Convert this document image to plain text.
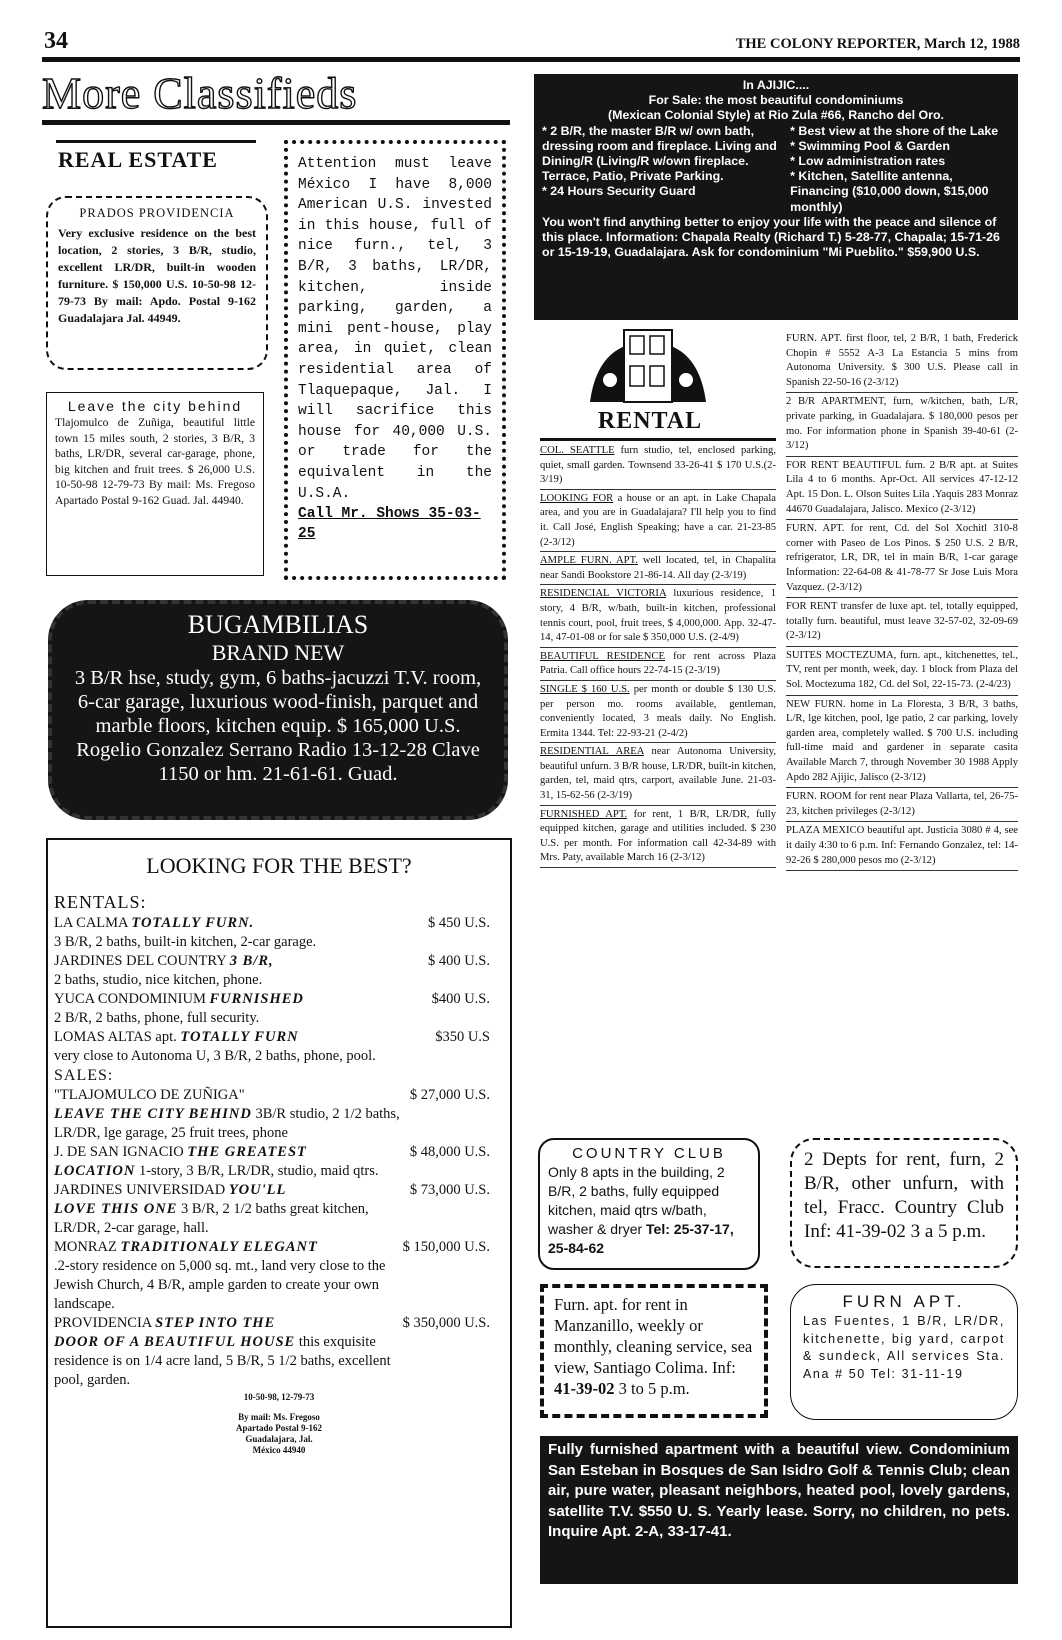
34	THE COLONY REPORTER, March 12, 1988
More Classifieds
REAL ESTATE
PRADOS PROVIDENCIA
Very exclusive residence on the best location, 2 stories, 3 B/R, studio, excellent LR/DR, built-in wooden furniture. $ 150,000 U.S. 10-50-98 12-79-73 By mail: Apdo. Postal 9-162 Guadalajara Jal. 44949.
Leave the city behind
Tlajomulco de Zuñiga, beautiful little town 15 miles south, 2 stories, 3 B/R, 3 baths, LR/DR, several car-garage, phone, big kitchen and fruit trees. $ 26,000 U.S. 10-50-98 12-79-73 By mail: Ms. Fregoso Apartado Postal 9-162 Guad. Jal. 44940.
Attention must leave México I have 8,000 American U.S. invested in this house, full of nice furn., tel, 3 B/R, 3 baths, LR/DR, kitchen, inside parking, garden, a mini pent-house, play area, in quiet, clean residential area of Tlaquepaque, Jal. I will sacrifice this house for 40,000 U.S. or trade for the equivalent in the U.S.A.
Call Mr. Shows 35-03-25
BUGAMBILIAS
BRAND NEW
3 B/R hse, study, gym, 6 baths-jacuzzi T.V. room, 6-car garage, luxurious wood-finish, parquet and marble floors, kitchen equip. $ 165,000 U.S. Rogelio Gonzalez Serrano Radio 13-12-28 Clave 1150 or hm. 21-61-61. Guad.
LOOKING FOR THE BEST?
RENTALS:
LA CALMA TOTALLY FURN.	$ 450 U.S.
3 B/R, 2 baths, built-in kitchen, 2-car garage.
JARDINES DEL COUNTRY 3 B/R,	$ 400 U.S.
2 baths, studio, nice kitchen, phone.
YUCA CONDOMINIUM FURNISHED	$400 U.S.
2 B/R, 2 baths, phone, full security.
LOMAS ALTAS apt. TOTALLY FURN	$350 U.S
very close to Autonoma U, 3 B/R, 2 baths, phone, pool.
SALES:
"TLAJOMULCO DE ZUÑIGA"	$ 27,000 U.S.
LEAVE THE CITY BEHIND 3B/R studio, 2 1/2 baths, LR/DR, lge garage, 25 fruit trees, phone
J. DE SAN IGNACIO THE GREATEST	$ 48,000 U.S.
LOCATION 1-story, 3 B/R, LR/DR, studio, maid qtrs.
JARDINES UNIVERSIDAD YOU'LL	$ 73,000 U.S.
LOVE THIS ONE 3 B/R, 2 1/2 baths great kitchen, LR/DR, 2-car garage, hall.
MONRAZ TRADITIONALY ELEGANT	$ 150,000 U.S.
.2-story residence on 5,000 sq. mt., land very close to the Jewish Church, 4 B/R, ample garden to create your own landscape.
PROVIDENCIA STEP INTO THE	$ 350,000 U.S.
DOOR OF A BEAUTIFUL HOUSE this exquisite residence is on 1/4 acre land, 5 B/R, 5 1/2 baths, excellent pool, garden.
10-50-98, 12-79-73
By mail: Ms. Fregoso
Apartado Postal 9-162
Guadalajara, Jal.
México 44940
In AJIJIC....
For Sale: the most beautiful condominiums
(Mexican Colonial Style) at Rio Zula #66, Rancho del Oro.
* 2 B/R, the master B/R w/ own bath, dressing room and fireplace. Living and Dining/R (Living/R w/own fireplace. Terrace, Patio, Private Parking.
* 24 Hours Security Guard
* Best view at the shore of the Lake
* Swimming Pool & Garden
* Low administration rates
* Kitchen, Satellite antenna, Financing ($10,000 down, $15,000 monthly)
You won't find anything better to enjoy your life with the peace and silence of this place. Information: Chapala Realty (Richard T.) 5-28-77, Chapala; 15-71-26 or 15-19-19, Guadalajara. Ask for condominium "Mi Pueblito." $59,900 U.S.
RENTAL
COL. SEATTLE furn studio, tel, enclosed parking, quiet, small garden. Townsend 33-26-41 $ 170 U.S.(2-3/19)
LOOKING FOR a house or an apt. in Lake Chapala area, and you are in Guadalajara? I'll help you to find it. Call José, English Speaking; have a car. 21-23-85 (2-3/12)
AMPLE FURN. APT. well located, tel, in Chapalita near Sandi Bookstore 21-86-14. All day (2-3/19)
RESIDENCIAL VICTORIA luxurious residence, 1 story, 4 B/R, w/bath, built-in kitchen, professional tennis court, pool, fruit trees, $ 4,000,000. App. 32-47-14, 47-01-08 or for sale $ 350,000 U.S. (2-4/9)
BEAUTIFUL RESIDENCE for rent across Plaza Patria. Call office hours 22-74-15 (2-3/19)
SINGLE $ 160 U.S. per month or double $ 130 U.S. per person mo. rooms available, gentleman, conveniently located, 3 meals daily. No English. Ermita 1344. Tel: 22-93-21 (2-4/2)
RESIDENTIAL AREA near Autonoma University, beautiful unfurn. 3 B/R house, LR/DR, built-in kitchen, garden, tel, maid qtrs, carport, available June. 21-03-31, 15-62-56 (2-3/19)
FURNISHED APT. for rent, 1 B/R, LR/DR, fully equipped kitchen, garage and utilities included. $ 230 U.S. per month. For information call 42-34-89 with Mrs. Paty, available March 16 (2-3/12)
FURN. APT. first floor, tel, 2 B/R, 1 bath, Frederick Chopin # 5552 A-3 La Estancia 5 mins from Autonoma University. $ 300 U.S. Please call in Spanish 22-50-16 (2-3/12)
2 B/R APARTMENT, furn, w/kitchen, bath, L/R, private parking, in Guadalajara. $ 180,000 pesos per mo. For information phone in Spanish 39-40-61 (2-3/12)
FOR RENT BEAUTIFUL furn. 2 B/R apt. at Suites Lila 4 to 6 months. Apr-Oct. All services 47-12-12 Apt. 15 Don. L. Olson Suites Lila .Yaquis 283 Monraz 44670 Guadalajara, Jalisco. Mexico (2-3/12)
FURN. APT. for rent, Cd. del Sol Xochitl 310-8 corner with Paseo de Los Pinos. $ 250 U.S. 2 B/R, refrigerator, LR, DR, tel in main B/R, 1-car garage Information: 22-64-08 & 41-78-77 Sr Jose Luis Mora Vazquez. (2-3/12)
FOR RENT transfer de luxe apt. tel, totally equipped, totally furn. beautiful, must leave 32-57-02, 32-09-69 (2-3/12)
SUITES MOCTEZUMA, furn. apt., kitchenettes, tel., TV, rent per month, week, day. 1 block from Plaza del Sol. Moctezuma 182, Cd. del Sol, 22-15-73. (2-4/23)
NEW FURN. home in La Floresta, 3 B/R, 3 baths, L/R, lge kitchen, pool, lge patio, 2 car parking, lovely garden area, completely walled. $ 700 U.S. including full-time maid and gardener in separate casita Available March 7, through November 30 1988 Apply Apdo 282 Ajijic, Jalisco (2-3/12)
FURN. ROOM for rent near Plaza Vallarta, tel, 26-75-23, kitchen privileges (2-3/12)
PLAZA MEXICO beautiful apt. Justicia 3080 # 4, see it daily 4:30 to 6 p.m. Inf: Fernando Gonzalez, tel: 14-92-26 $ 280,000 pesos mo (2-3/12)
COUNTRY CLUB
Only 8 apts in the building, 2 B/R, 2 baths, fully equipped kitchen, maid qtrs w/bath, washer & dryer Tel: 25-37-17, 25-84-62
2 Depts for rent, furn, 2 B/R, other unfurn, with tel, Fracc. Country Club Inf: 41-39-02 3 a 5 p.m.
Furn. apt. for rent in Manzanillo, weekly or monthly, cleaning service, sea view, Santiago Colima. Inf: 41-39-02 3 to 5 p.m.
FURN APT.
Las Fuentes, 1 B/R, LR/DR, kitchenette, big yard, carpot & sundeck, All services Sta. Ana # 50 Tel: 31-11-19
Fully furnished apartment with a beautiful view. Condominium San Esteban in Bosques de San Isidro Golf & Tennis Club; clean air, pure water, pleasant neighbors, heated pool, lovely gardens, satellite T.V. $550 U. S. Yearly lease. Sorry, no children, no pets. Inquire Apt. 2-A, 33-17-41.
